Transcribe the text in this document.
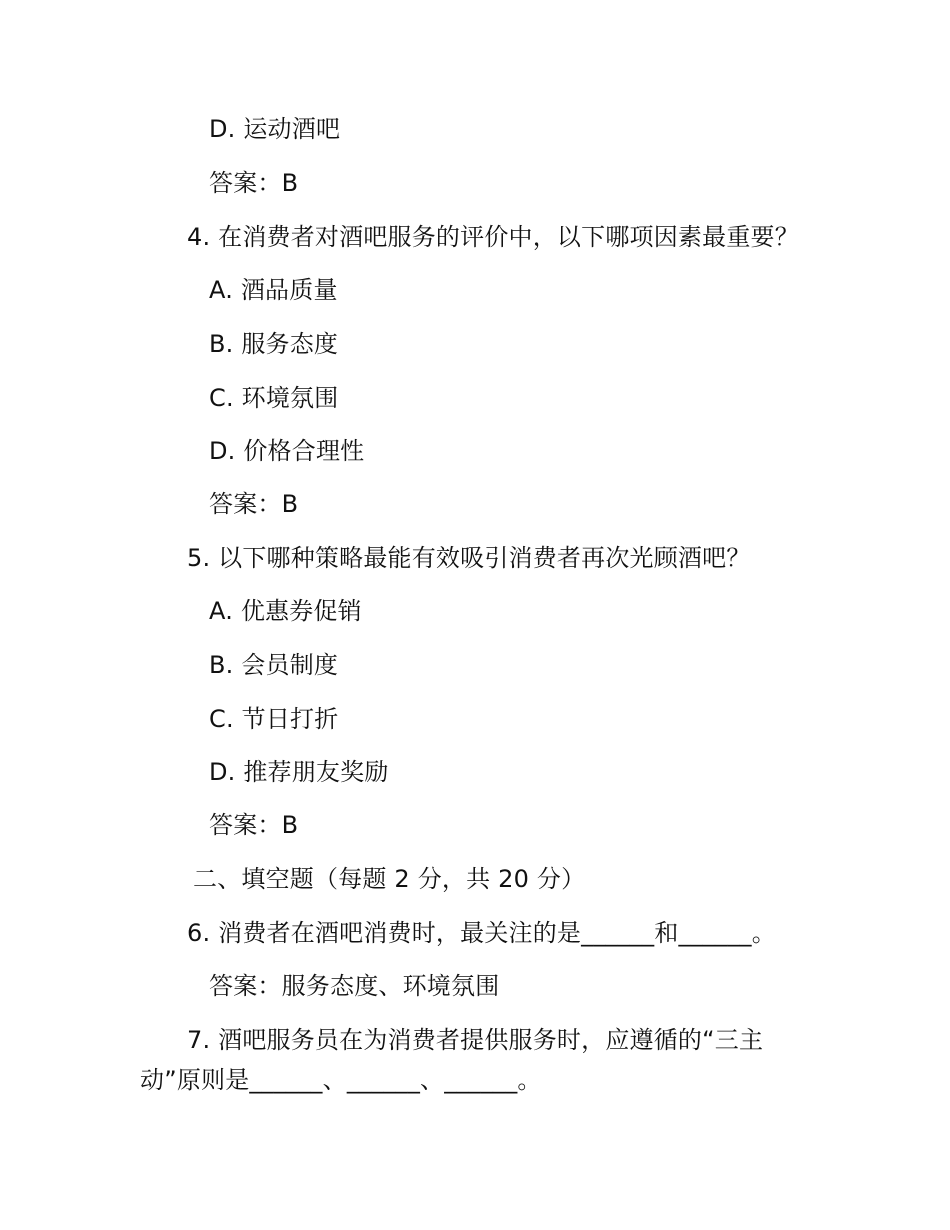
D. 运动酒吧
答案：B
4. 在消费者对酒吧服务的评价中，以下哪项因素最重要？
A. 酒品质量
B. 服务态度
C. 环境氛围
D. 价格合理性
答案：B
5. 以下哪种策略最能有效吸引消费者再次光顾酒吧？
A. 优惠券促销
B. 会员制度
C. 节日打折
D. 推荐朋友奖励
答案：B
二、填空题（每题 2 分，共 20 分）
6. 消费者在酒吧消费时，最关注的是______和______。
答案：服务态度、环境氛围
7. 酒吧服务员在为消费者提供服务时，应遵循的“三主
动”原则是______、______、______。
